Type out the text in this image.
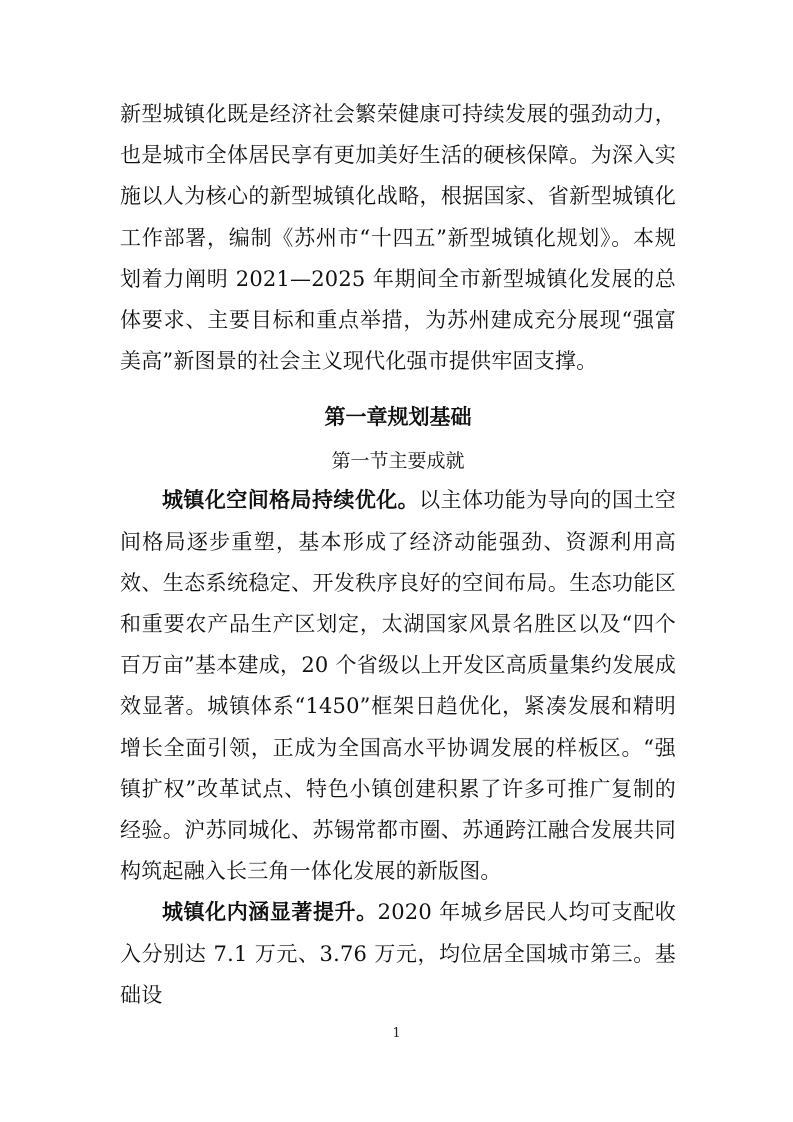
新型城镇化既是经济社会繁荣健康可持续发展的强劲动力，也是城市全体居民享有更加美好生活的硬核保障。为深入实施以人为核心的新型城镇化战略，根据国家、省新型城镇化工作部署，编制《苏州市“十四五”新型城镇化规划》。本规划着力阐明 2021—2025 年期间全市新型城镇化发展的总体要求、主要目标和重点举措，为苏州建成充分展现“强富美高”新图景的社会主义现代化强市提供牢固支撑。

第一章规划基础
第一节主要成就

城镇化空间格局持续优化。以主体功能为导向的国土空间格局逐步重塑，基本形成了经济动能强劲、资源利用高效、生态系统稳定、开发秩序良好的空间布局。生态功能区和重要农产品生产区划定，太湖国家风景名胜区以及“四个百万亩”基本建成，20 个省级以上开发区高质量集约发展成效显著。城镇体系“1450”框架日趋优化，紧凑发展和精明增长全面引领，正成为全国高水平协调发展的样板区。“强镇扩权”改革试点、特色小镇创建积累了许多可推广复制的经验。沪苏同城化、苏锡常都市圈、苏通跨江融合发展共同构筑起融入长三角一体化发展的新版图。

城镇化内涵显著提升。2020 年城乡居民人均可支配收入分别达 7.1 万元、3.76 万元，均位居全国城市第三。基础设

1
